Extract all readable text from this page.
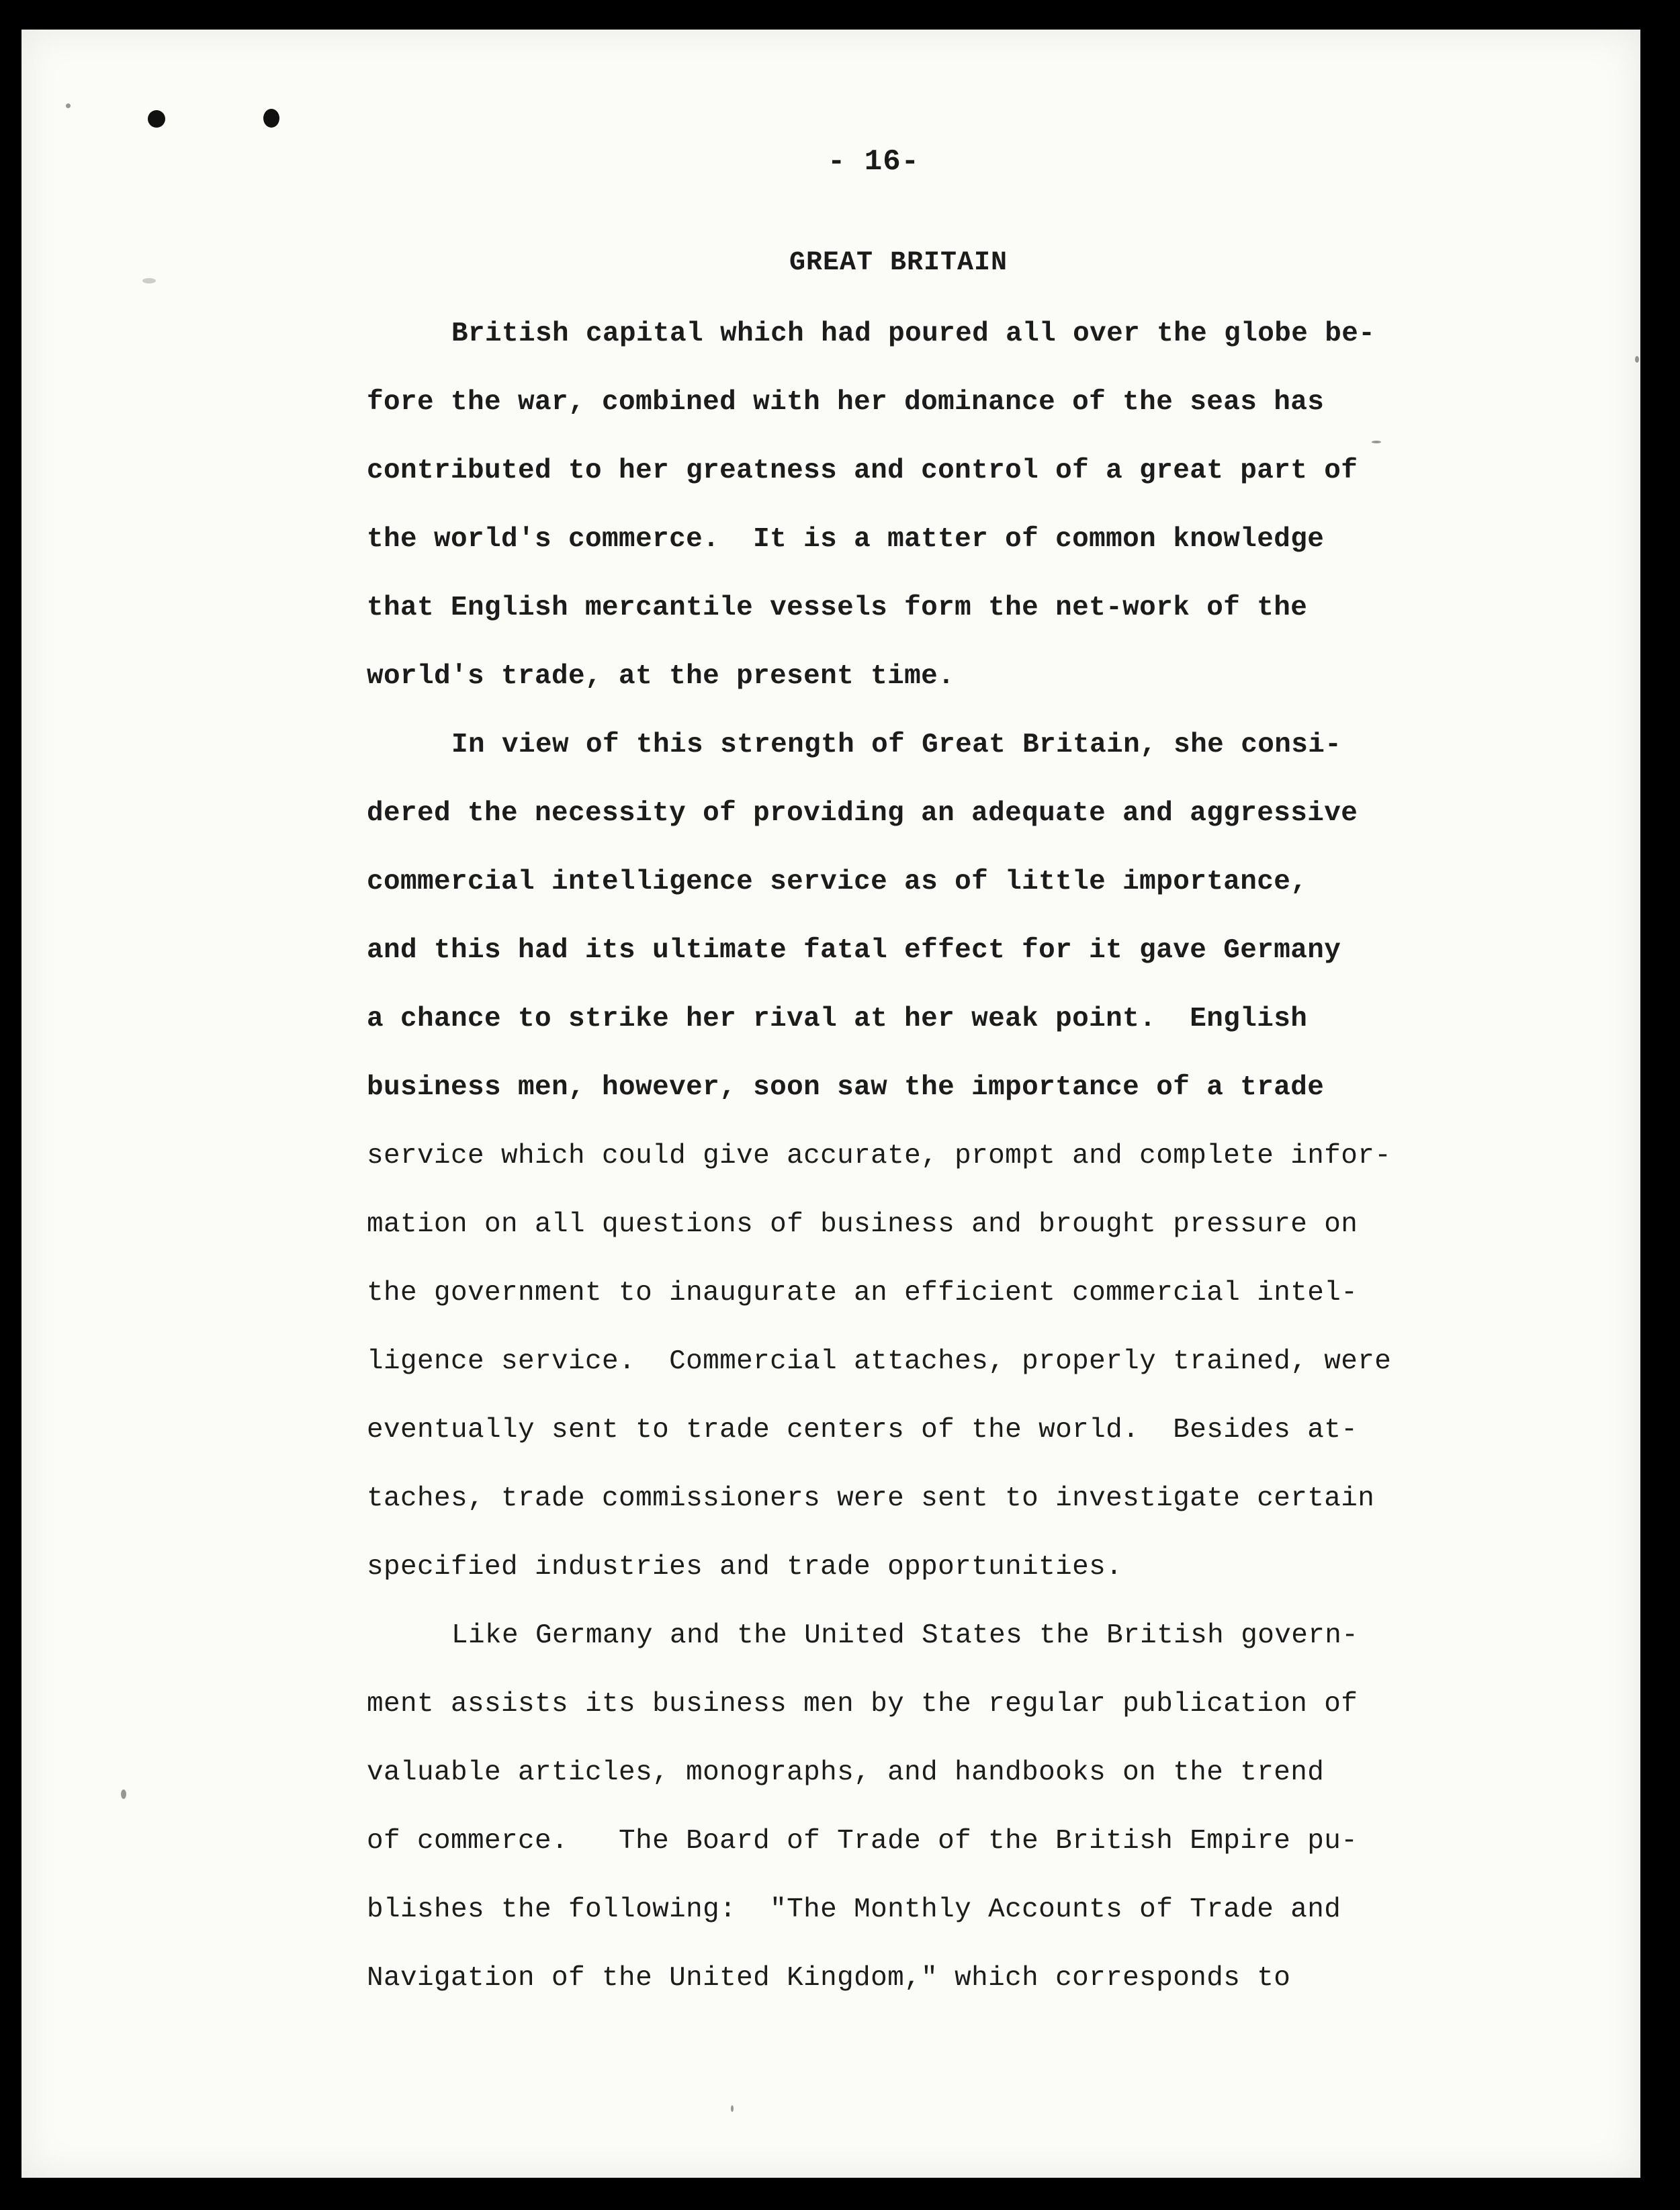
- 16-
GREAT BRITAIN

British capital which had poured all over the globe be-

fore the war, combined with her dominance of the seas has

contributed to her greatness and control of a great part of

the world's commerce.  It is a matter of common knowledge

that English mercantile vessels form the net-work of the

world's trade, at the present time.

In view of this strength of Great Britain, she consi-

dered the necessity of providing an adequate and aggressive

commercial intelligence service as of little importance,

and this had its ultimate fatal effect for it gave Germany

a chance to strike her rival at her weak point.  English

business men, however, soon saw the importance of a trade

service which could give accurate, prompt and complete infor-

mation on all questions of business and brought pressure on

the government to inaugurate an efficient commercial intel-

ligence service.  Commercial attaches, properly trained, were

eventually sent to trade centers of the world.  Besides at-

taches, trade commissioners were sent to investigate certain

specified industries and trade opportunities.

Like Germany and the United States the British govern-

ment assists its business men by the regular publication of

valuable articles, monographs, and handbooks on the trend

of commerce.   The Board of Trade of the British Empire pu-

blishes the following:  "The Monthly Accounts of Trade and

Navigation of the United Kingdom," which corresponds to
